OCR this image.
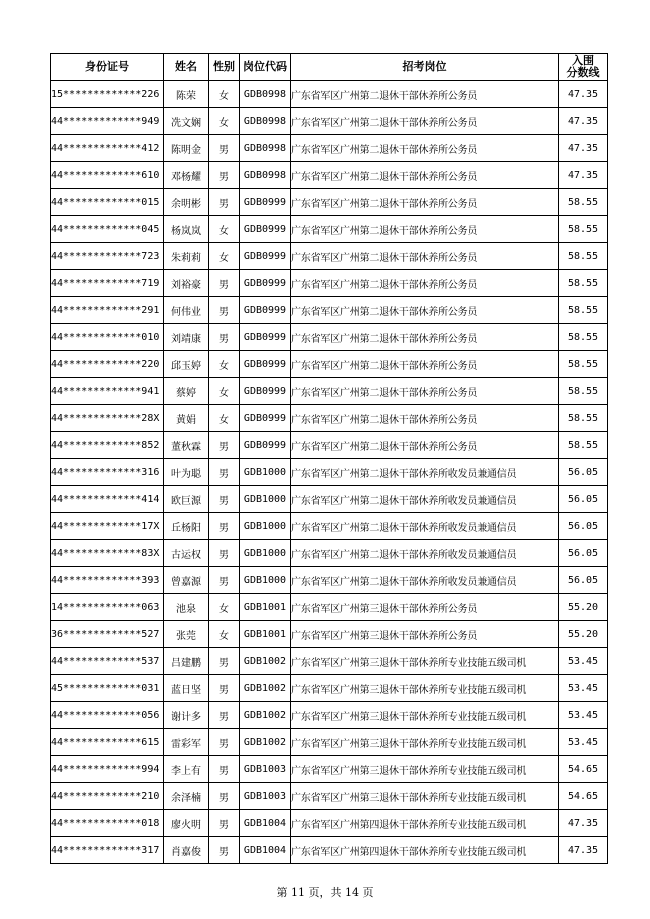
身份证号	姓名	性别	岗位代码	招考岗位	入围
分数线
15*************226	陈荣	女	GDB0998	广东省军区广州第二退休干部休养所公务员	47.35
44*************949	冼文娴	女	GDB0998	广东省军区广州第二退休干部休养所公务员	47.35
44*************412	陈明金	男	GDB0998	广东省军区广州第二退休干部休养所公务员	47.35
44*************610	邓杨耀	男	GDB0998	广东省军区广州第二退休干部休养所公务员	47.35
44*************015	余明彬	男	GDB0999	广东省军区广州第二退休干部休养所公务员	58.55
44*************045	杨岚岚	女	GDB0999	广东省军区广州第二退休干部休养所公务员	58.55
44*************723	朱莉莉	女	GDB0999	广东省军区广州第二退休干部休养所公务员	58.55
44*************719	刘裕豪	男	GDB0999	广东省军区广州第二退休干部休养所公务员	58.55
44*************291	何伟业	男	GDB0999	广东省军区广州第二退休干部休养所公务员	58.55
44*************010	刘靖康	男	GDB0999	广东省军区广州第二退休干部休养所公务员	58.55
44*************220	邱玉婷	女	GDB0999	广东省军区广州第二退休干部休养所公务员	58.55
44*************941	蔡婷	女	GDB0999	广东省军区广州第二退休干部休养所公务员	58.55
44*************28X	黄娟	女	GDB0999	广东省军区广州第二退休干部休养所公务员	58.55
44*************852	董秋霖	男	GDB0999	广东省军区广州第二退休干部休养所公务员	58.55
44*************316	叶为聪	男	GDB1000	广东省军区广州第二退休干部休养所收发员兼通信员	56.05
44*************414	欧巨源	男	GDB1000	广东省军区广州第二退休干部休养所收发员兼通信员	56.05
44*************17X	丘杨阳	男	GDB1000	广东省军区广州第二退休干部休养所收发员兼通信员	56.05
44*************83X	古运权	男	GDB1000	广东省军区广州第二退休干部休养所收发员兼通信员	56.05
44*************393	曾嘉源	男	GDB1000	广东省军区广州第二退休干部休养所收发员兼通信员	56.05
14*************063	池泉	女	GDB1001	广东省军区广州第三退休干部休养所公务员	55.20
36*************527	张莞	女	GDB1001	广东省军区广州第三退休干部休养所公务员	55.20
44*************537	吕建鹏	男	GDB1002	广东省军区广州第三退休干部休养所专业技能五级司机	53.45
45*************031	蓝日坚	男	GDB1002	广东省军区广州第三退休干部休养所专业技能五级司机	53.45
44*************056	谢计多	男	GDB1002	广东省军区广州第三退休干部休养所专业技能五级司机	53.45
44*************615	雷彩军	男	GDB1002	广东省军区广州第三退休干部休养所专业技能五级司机	53.45
44*************994	李上有	男	GDB1003	广东省军区广州第三退休干部休养所专业技能五级司机	54.65
44*************210	余泽楠	男	GDB1003	广东省军区广州第三退休干部休养所专业技能五级司机	54.65
44*************018	廖火明	男	GDB1004	广东省军区广州第四退休干部休养所专业技能五级司机	47.35
44*************317	肖嘉俊	男	GDB1004	广东省军区广州第四退休干部休养所专业技能五级司机	47.35
第 11 页，共 14 页
